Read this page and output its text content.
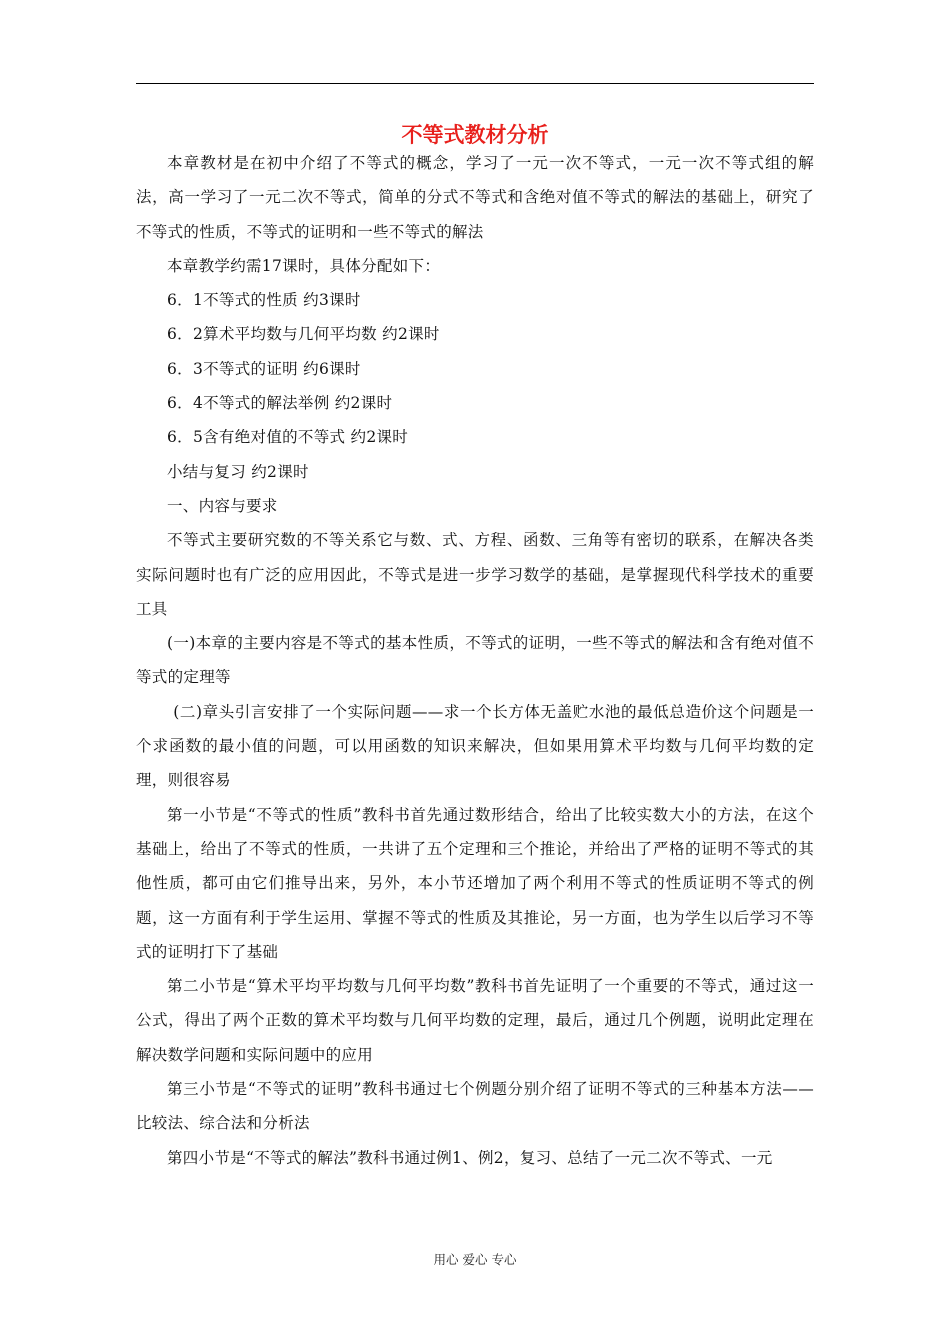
不等式教材分析

本章教材是在初中介绍了不等式的概念，学习了一元一次不等式，一元一次不等式组的解法，高一学习了一元二次不等式，简单的分式不等式和含绝对值不等式的解法的基础上，研究了不等式的性质，不等式的证明和一些不等式的解法

本章教学约需17课时，具体分配如下：

6．1不等式的性质 约3课时

6．2算术平均数与几何平均数 约2课时

6．3不等式的证明 约6课时

6．4不等式的解法举例 约2课时

6．5含有绝对值的不等式 约2课时

小结与复习 约2课时

一、内容与要求

不等式主要研究数的不等关系它与数、式、方程、函数、三角等有密切的联系，在解决各类实际问题时也有广泛的应用因此，不等式是进一步学习数学的基础，是掌握现代科学技术的重要工具

(一)本章的主要内容是不等式的基本性质，不等式的证明，一些不等式的解法和含有绝对值不等式的定理等

(二)章头引言安排了一个实际问题——求一个长方体无盖贮水池的最低总造价这个问题是一个求函数的最小值的问题，可以用函数的知识来解决，但如果用算术平均数与几何平均数的定理，则很容易

第一小节是“不等式的性质”教科书首先通过数形结合，给出了比较实数大小的方法，在这个基础上，给出了不等式的性质，一共讲了五个定理和三个推论，并给出了严格的证明不等式的其他性质，都可由它们推导出来，另外，本小节还增加了两个利用不等式的性质证明不等式的例题，这一方面有利于学生运用、掌握不等式的性质及其推论，另一方面，也为学生以后学习不等式的证明打下了基础

第二小节是“算术平均平均数与几何平均数”教科书首先证明了一个重要的不等式，通过这一公式，得出了两个正数的算术平均数与几何平均数的定理，最后，通过几个例题，说明此定理在解决数学问题和实际问题中的应用

第三小节是“不等式的证明”教科书通过七个例题分别介绍了证明不等式的三种基本方法——比较法、综合法和分析法

第四小节是“不等式的解法”教科书通过例1、例2，复习、总结了一元二次不等式、一元

用心 爱心 专心
